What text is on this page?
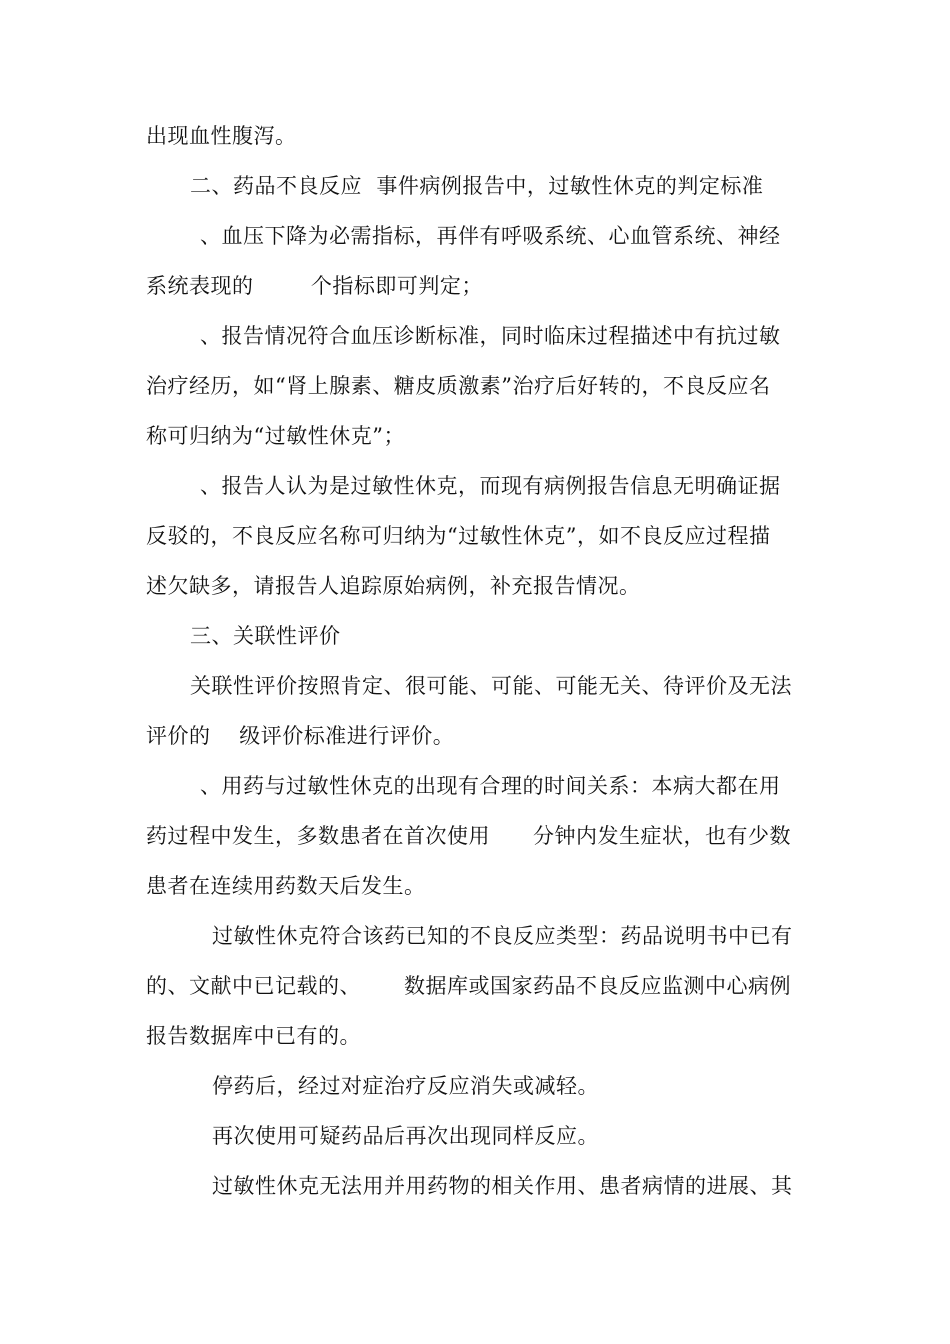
出现血性腹泻。
二、药品不良反应  事件病例报告中，过敏性休克的判定标准
、血压下降为必需指标，再伴有呼吸系统、心血管系统、神经
系统表现的        个指标即可判定；
、报告情况符合血压诊断标准，同时临床过程描述中有抗过敏
治疗经历，如“肾上腺素、糖皮质激素”治疗后好转的，不良反应名
称可归纳为“过敏性休克”；
、报告人认为是过敏性休克，而现有病例报告信息无明确证据
反驳的，不良反应名称可归纳为“过敏性休克”，如不良反应过程描
述欠缺多，请报告人追踪原始病例，补充报告情况。
三、关联性评价
关联性评价按照肯定、很可能、可能、可能无关、待评价及无法
评价的    级评价标准进行评价。
、用药与过敏性休克的出现有合理的时间关系：本病大都在用
药过程中发生，多数患者在首次使用      分钟内发生症状，也有少数
患者在连续用药数天后发生。
过敏性休克符合该药已知的不良反应类型：药品说明书中已有
的、文献中已记载的、      数据库或国家药品不良反应监测中心病例
报告数据库中已有的。
停药后，经过对症治疗反应消失或减轻。
再次使用可疑药品后再次出现同样反应。
过敏性休克无法用并用药物的相关作用、患者病情的进展、其
